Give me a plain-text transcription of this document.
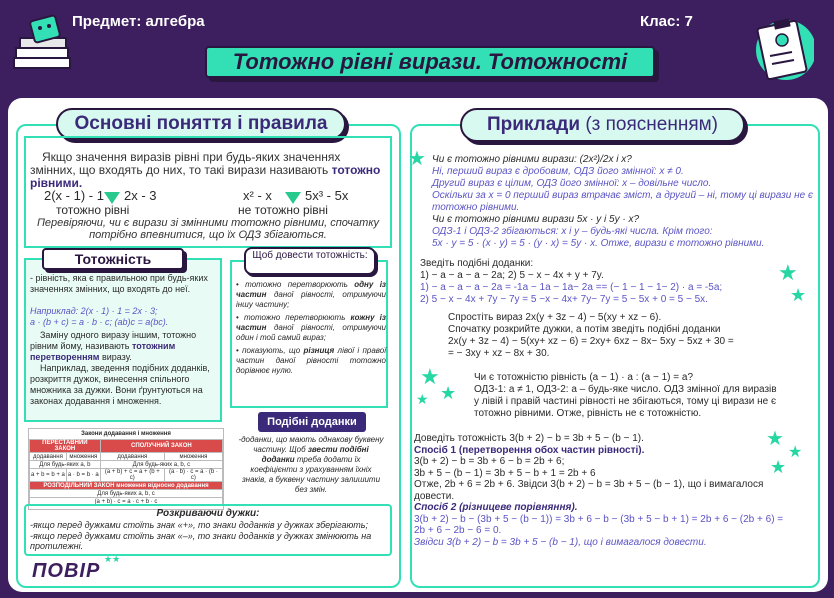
Предмет: алгебра	Клас: 7
Тотожно рівні вирази. Тотожності
Основні поняття і правила
Якщо значення виразів рівні при будь-яких значеннях змінних, що входять до них, то такі вирази називають тотожно рівними.
2(x - 1) - 1 2x - 3
тотожно рівні
x² - x	5x³ - 5x
не тотожно рівні
Перевіряючи, чи є вирази зі змінними тотожно рівними, спочатку потрібно впевнитися, що їх ОДЗ збігаються.
Тотожність
- рівність, яка є правильною при будь-яких значеннях змінних, що входять до неї.
Наприклад: 2(x · 1) · 1 = 2x · 3;
a · (b + c) = a · b · c; (ab)c = a(bc).
Заміну одного виразу іншим, тотожно рівним йому, називають тотожним перетворенням виразу.
Наприклад, зведення подібних доданків, розкриття дужок, винесення спільного множника за дужки. Вони ґрунтуються на законах додавання і множення.
Щоб довести тотожність:
• тотожно перетворюють одну із частин даної рівності, отримуючи іншу частину;
• тотожно перетворюють кожну із частин даної рівності, отримуючи один і той самий вираз;
• показують, що різниця лівої і правої частин даної рівності тотожно дорівнює нулю.
Подібні доданки
-доданки, що мають однакову буквену частину. Щоб звести подібні доданки треба додати їх коефіцієнти з урахуванням їхніх знаків, а буквену частину залишити без змін.
Закони додавання і множення
ПЕРЕСТАВНИЙ ЗАКОН		СПОЛУЧНИЙ ЗАКОН	
додавання	множення	додавання	множення
Для будь-яких a, b		Для будь-яких a, b, c	
a + b = b + a	a · b = b · a	(a + b) + c = a + (b + c)	(a · b) · c = a · (b · c)
РОЗПОДІЛЬНИЙ ЗАКОН множення відносно додавання			
Для будь-яких a, b, c			
(a + b) · c = a · c + b · c			
Розкриваючи дужки:
-якщо перед дужками стоїть знак «+», то знаки доданків у дужках зберігають;
-якщо перед дужками стоїть знак «–», то знаки доданків у дужках змінюють на протилежні.
ПОВІР
★★
Приклади (з поясненням)
★ Чи є тотожно рівними вирази: (2x²)/2x і x?
Ні, перший вираз є дробовим, ОДЗ його змінної: x ≠ 0.
Другий вираз є цілим, ОДЗ його змінної: x – довільне число.
Оскільки за x = 0 перший вираз втрачає зміст, а другий – ні, тому ці вирази не є тотожно рівними.
Чи є тотожно рівними вирази 5x · y і 5y · x?
ОДЗ-1 і ОДЗ-2 збігаються: x і y – будь-які числа. Крім того:
5x · y = 5 · (x · y) = 5 · (y · x) = 5y · x. Отже, вирази є тотожно рівними.
Зведіть подібні доданки:
1) − a − a − a − 2a; 2) 5 − x − 4x + y + 7y.
1) − a − a − a − 2a = -1a − 1a − 1a− 2a == (− 1 − 1 − 1− 2) · a = -5a;
2) 5 − x − 4x + 7y − 7y = 5 −x − 4x+ 7y− 7y = 5 − 5x + 0 = 5 − 5x.
★
★
Спростіть вираз 2x(y + 3z − 4) − 5(xy + xz − 6).
Спочатку розкрийте дужки, а потім зведіть подібні доданки
2x(y + 3z − 4) − 5(xy+ xz − 6) = 2xy+ 6xz − 8x− 5xy − 5xz + 30 =
= − 3xy + xz − 8x + 30.
★
★
★
Чи є тотожністю рівність (a − 1) · a : (a − 1) = a?
ОДЗ-1: a ≠ 1, ОДЗ-2: a – будь-яке число. ОДЗ змінної для виразів у лівій і правій частині рівності не збігаються, тому ці вирази не є тотожно рівними. Отже, рівність не є тотожністю.
★
★
★
Доведіть тотожність 3(b + 2) − b = 3b + 5 − (b − 1).
Спосіб 1 (перетворення обох частин рівності).
3(b + 2) − b = 3b + 6 − b = 2b + 6;
3b + 5 − (b − 1) = 3b + 5 − b + 1 = 2b + 6
Отже, 2b + 6 = 2b + 6. Звідси 3(b + 2) − b = 3b + 5 − (b − 1), що і вимагалося довести.
Спосіб 2 (різницеве порівняння).
3(b + 2) − b − (3b + 5 − (b − 1)) = 3b + 6 − b − (3b + 5 − b + 1) = 2b + 6 − (2b + 6) = 2b + 6 − 2b − 6 = 0.
Звідси 3(b + 2) − b = 3b + 5 − (b − 1), що і вимагалося довести.
